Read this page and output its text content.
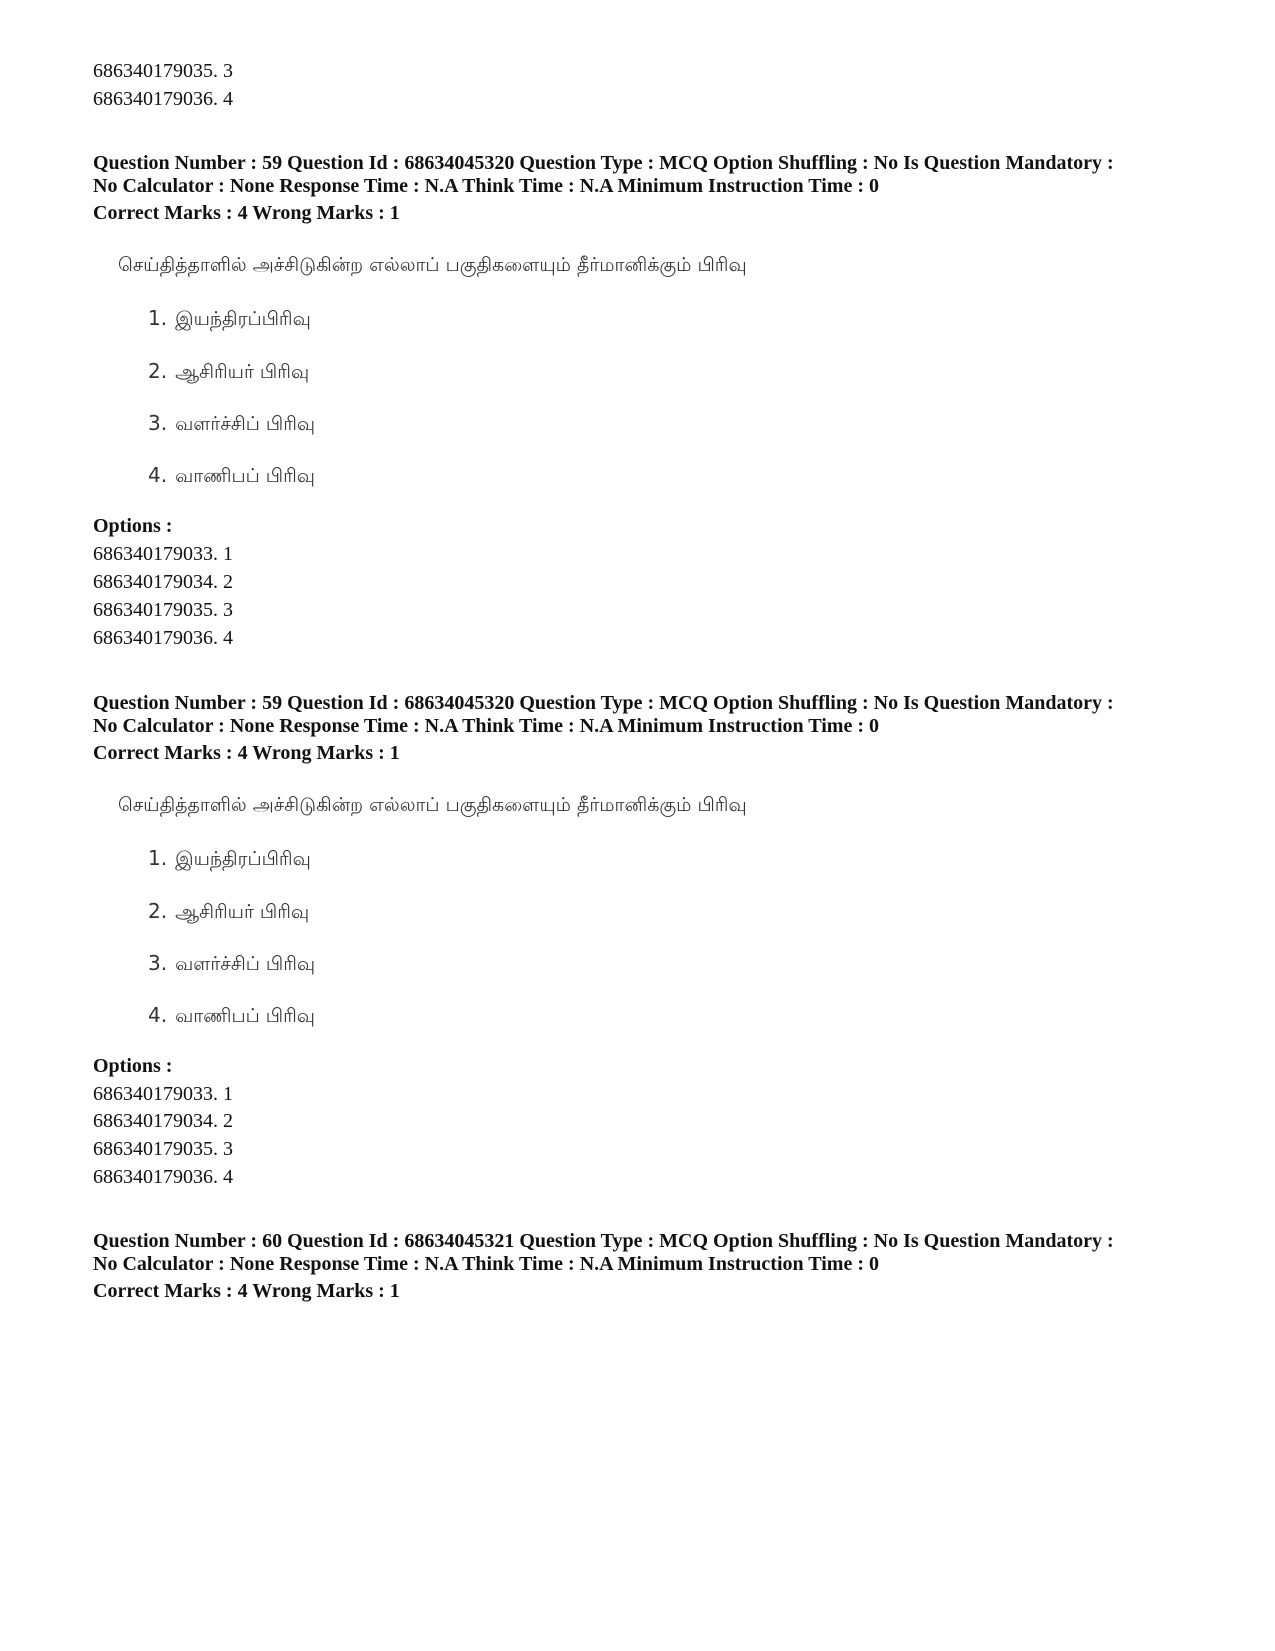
686340179035. 3
686340179036. 4
Question Number : 59 Question Id : 68634045320 Question Type : MCQ Option Shuffling : No Is Question Mandatory :
No Calculator : None Response Time : N.A Think Time : N.A Minimum Instruction Time : 0
Correct Marks : 4 Wrong Marks : 1
செய்தித்தாளில் அச்சிடுகின்ற எல்லாப் பகுதிகளையும் தீர்மானிக்கும் பிரிவு
1. இயந்திரப்பிரிவு
2. ஆசிரியர் பிரிவு
3. வளர்ச்சிப் பிரிவு
4. வாணிபப் பிரிவு
Options :
686340179033. 1
686340179034. 2
686340179035. 3
686340179036. 4
Question Number : 59 Question Id : 68634045320 Question Type : MCQ Option Shuffling : No Is Question Mandatory :
No Calculator : None Response Time : N.A Think Time : N.A Minimum Instruction Time : 0
Correct Marks : 4 Wrong Marks : 1
செய்தித்தாளில் அச்சிடுகின்ற எல்லாப் பகுதிகளையும் தீர்மானிக்கும் பிரிவு
1. இயந்திரப்பிரிவு
2. ஆசிரியர் பிரிவு
3. வளர்ச்சிப் பிரிவு
4. வாணிபப் பிரிவு
Options :
686340179033. 1
686340179034. 2
686340179035. 3
686340179036. 4
Question Number : 60 Question Id : 68634045321 Question Type : MCQ Option Shuffling : No Is Question Mandatory :
No Calculator : None Response Time : N.A Think Time : N.A Minimum Instruction Time : 0
Correct Marks : 4 Wrong Marks : 1
